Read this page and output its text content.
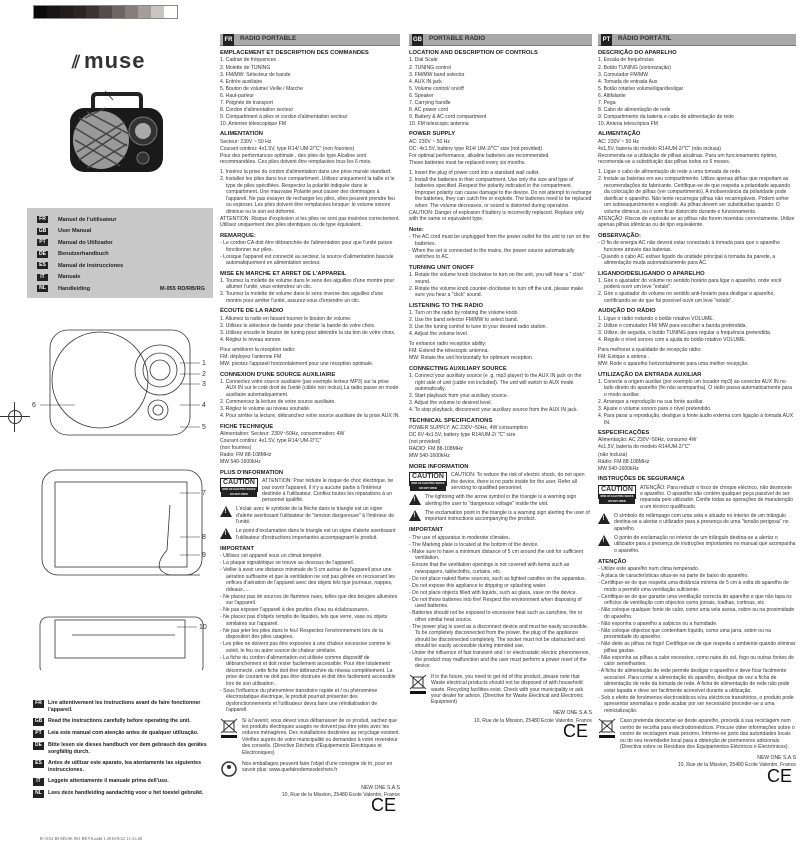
⫽ muse
FR	Manuel de l'utilisateur
GB	User Manual
PT	Manual do Utilizador
DE	Benutzerhandbuch
ES	Manual de instrucciones
IT	Manuale
NL	Handleiding	M-055 RD/RB/RG
1
2
3
4
5
6
7
8
9
10
FR	Lire attentivement les instructions avant de faire fonctionner l'appareil.
GB	Read the instructions carefully before operating the unit.
PT	Leia este manual com atenção antes de qualquer utilização.
DE	Bitte lesen sie dieses handbuch vor dem gebrauch des gerätes sorgfältig durch.
ES	Antes de utilizar este aparato, lea atentamente las siguientes instrucciones.
IT	Leggete attentamente il manuale prima dell'uso.
NL	Lees deze handleiding aandachtig voor u het toestel gebruikt.
R-3152 IB MUSE 001 REV0.indd 1 2016/9/22 11:31:48
FR RADIO PORTABLE
EMPLACEMENT ET DESCRIPTION DES COMMANDES

1. Cadran de fréquences

2. Molette de TUNING

3. FM/MW: Sélecteur de bande

4. Entrée auxiliaire

5. Bouton de volume/ Veille / Marche

6. Haut-parleur

7. Poignée de transport

8. Cordon d'alimentation secteur

9. Compartiment à piles et cordon d'alimentation secteur

10. Antenne télescopique FM

ALIMENTATION

Secteur: 230V ~ 50 Hz

Courant continu: 4x1.5V, type R14/ UM-2/"C" (non fournies)

Pour des performances optimale , des piles de type Alcaline sont recommandées. Ces piles doivent être remplacées tous les 6 mois.

1. Insérez la prise du cordon d'alimentation dans une prise murale standard.

2. Installez les piles dans leur compartiment .Utilisez uniquement la taille et le type de piles spécifiées. Respectez la polarité indiquée dans le compartiment. Une mauvaise Polarité peut causer des dommages à l'appareil. Ne pas essayer de recharger les piles, elles peuvent prendre feu ou exploser. Les piles doivent être remplacées lorsque: le volume sonore diminue ou le son est déformé.

ATTENTION: Risque d'explosion si les piles ne sont pas insérées correctement. Utilisez uniquement des piles identiques ou de type équivalent.

REMARQUE:

- Le cordon CA doit être débranchée de l'alimentation pour que l'unité puisse fonctionner sur piles.

- Lorsque l'appareil est connecté au secteur, la source d'alimentation bascule automatiquement en alimentation secteur.

MISE EN MARCHE ET ARRET DE L'APPAREIL

1. Tournez la molette de volume dans le sens des aiguilles d'une montre pour allumer l'unité, vous entendrez un clic.

2. Tournez la molette de volume dans le sens inverse des aiguilles d'une montre pour arrêter l'unité, assurez-vous d'entendre un clic.

ÉCOUTE DE LA RADIO

1. Allumez la radio en faisant tourner le bouton de volume.

2. Utilisez le sélecteur de bande pour choisir la bande de votre choix.

3. Utilisez ensuite le bouton de tuning pour atteindre la sta tion de votre choix.

4. Réglez le niveau sonore.

Pour améliorer la réception radio:

FM: déployez l'antenne FM

MW: pivotez l'appareil horizontalement pour une réception optimale.

CONNEXION D'UNE SOURCE AUXILIAIRE

1. Connectez votre source auxiliaire (par exemple lecteur MP3) sur la prise AUX IN sur le coté droit de l'unité (câble non inclus).La radio passe en mode auxiliaire automatiquement.

2. Commencez la lecture de votre source auxiliaire.

3. Réglez le volume au niveau souhaité.

4. Pour arrêter la lecture, débranchez votre source auxiliaire de la prise AUX IN.

FICHE TECHNIQUE

Alimentation: Secteur: 230V~50Hz, consommation: 4W

Courant continu: 4x1.5V, type R14/ UM-2/"C"

(non fournies)

Radio: FM 88-108MHz

MW 540-1600kHz

PLUS D'INFORMATION
CAUTION
RISK OF ELECTRIC SHOCK DO NOT OPEN

ATTENTION: Pour réduire le risque de choc électrique, ne pas ouvrir l'appareil, il n'y a aucune partie à l'intérieur destinée à l'utilisateur. Confiez toutes les réparations à un personnel qualifié.

!

L'éclair avec le symbole de la flèche dans le triangle est un signe d'alerte avertissant l'utilisateur de "tension dangereuse" à l'intérieur de l'unité.

!

Le point d'exclamation dans le triangle est un signe d'alerte avertissant l'utilisateur d'instructions importantes accompagnant le produit.

IMPORTANT

- Utilisez cet appareil sous un climat tempéré.

- La plaque signalétique se trouve au dessous de l'appareil.

- Veiller à avoir une distance minimale de 5 cm autour de l'appareil pour une aération suffisante et que la ventilation ne soit pas gênée en recouvrant les orifices d'aération de l'appareil avec des objets tels que journaux, nappes, rideaux.....

- Ne placez pas de sources de flammes nues, telles que des bougies allumées sur l'appareil.

- Ne pas exposer l'appareil à des gouttes d'eau ou éclaboussures.

- Ne placez pas d'objets remplis de liquides, tels que verre, vase ou objets similaires sur l'appareil.

- Ne pas jeter les piles dans le feu! Respectez l'environnement lors de la disposition des piles usagées.

- Les piles ne doivent pas être exposées à une chaleur excessive comme le soleil, le feu ou autre source de chaleur similaire.

- La fiche du cordon d'alimentation est utilisée comme dispositif de débranchement et doit rester facilement accessible. Pour être totalement déconnecté, cette fiche doit être débranchée du réseau complètement. La prise de courant ne doit pas être obstruée et doit être facilement accessible lors de son utilisation .

- Sous l'influence du phénomène transitoire rapide et / ou phénomène électrostatique électrique, le produit pourrait présenter des dysfonctionnements et l'utilisateur devra faire une réinitialisation de l'appareil.

Si à l'avenir, vous devez vous débarrasser de ce produit, sachez que les produits électriques usagés ne doivent pas être jetés avec les ordures ménagères. Des installations destinées au recyclage existent. Vérifiez auprès de votre municipalité ou demandez à votre revendeur des conseils. (Directive Déchets d'Equipements Electriques et Electroniques)

Nos emballages peuvent faire l'objet d'une consigne de tri, pour en savoir plus: www.quefairedemesdechets.fr

NEW ONE S.A.S

10, Rue de la Mission, 25480 Ecole Valentin, France

CE
GB PORTABLE RADIO
LOCATION AND DESCRIPTION OF CONTROLS

1. Dial Scale

2. TUNING control

3. FM/MW band selector

4. AUX IN jack

5. Volume control/ on/off

6. Speaker

7. Carrying handle

8. AC power cord

9. Battery & AC cord compartment

10. FM telescopic antenna

POWER SUPPLY

AC: 230V ~ 50 Hz

DC: 4x1.5V, battery type R14/ UM-2/"C" size (not provided)

For optimal performance, alkaline batteries are recommended.

These batteries must be replaced every six months.

1. Insert the plug of power cord into a standard wall outlet.

2. Install the batteries in their compartment. Use only the size and type of batteries specified .Respect the polarity indicated in the compartment. Improper polarity can cause damage to the device. Do not attempt to recharge the batteries, they can catch fire or explode. The batteries need to be replaced when: The volume decreases, or sound is distorted during operation.

CAUTION: Danger of explosion if battery is incorrectly replaced. Replace only with the same or equivalent type.

Note:

- The AC cord must be unplugged from the power outlet for the unit to run on the batteries.

- When the set is connected to the mains, the power source automatically switches to AC.

TURNING UNIT ON/OFF

1. Rotate the volume knob clockwise to turn on the unit, you will hear a " click" sound.

2. Rotate the volume knob counter-clockwise to turn off the unit, please make sure you hear a "click" sound.

LISTENING TO THE RADIO

1. Turn on the radio by rotating the volume knob.

2. Use the band selector FM/MW to select band.

3. Use the tuning control to tune to your desired radio station.

4. Adjust the volume level.

To enhance radio reception ability:

FM: Extend the telescopic antenna.

MW: Rotate the unit horizontally for optimum reception.

CONNECTING AUXILIARY SOURCE

1. Connect your auxiliary source (e .g. mp3 player) to the AUX IN jack on the right side of unit (cable not included). The unit will switch to AUX mode automatically.

2. Start playback from your auxiliary source.

3. Adjust the volume to desired level.

4. To stop playback, disconnect your auxiliary source from the AUX IN jack.

TECHNICAL SPECIFICATIONS

POWER SUPPLY: AC 230V~50Hz, 4W consumption

DC 6V 4x1.5V, battery type R14/UM-2/ "C" size

(not provided)

RADIO: FM 88-108MHz

MW 540-1600kHz

MORE INFORMATION
CAUTION
RISK OF ELECTRIC SHOCK DO NOT OPEN

CAUTION: To reduce the risk of electric shock, do not open the device, there is no parts inside for the user. Refer all servicing to qualified personnel.

!

The lightning with the arrow symbol in the triangle is a warning sign alerting the user to "dangerous voltage" inside the unit.

!

The exclamation point in the triangle is a warning sign alerting the user of important instructions accompanying the product.

IMPORTANT

- The use of apparatus in moderate climates.

- The Marking plate is located at the bottom of the device.

- Make sure to have a minimum distance of 5 cm around the unit for sufficient ventilation.

- Ensure that the ventilation openings is not covered with items such as newspapers, tablecloths, curtains, etc.

- Do not place naked flame sources, such as lighted candles on the apparatus.

- Do not expose this appliance to dripping or splashing water.

- Do not place objects filled with liquids, such as glass, vase on the device.

- Do not throw batteries into fire! Respect the environment when disposing of used batteries.

- Batteries should not be exposed to excessive heat such as sunshine, fire or other similar heat source.

- The power plug is used as a disconnect device and must be easily accessible. To be completely disconnected from the power, the plug of the appliance should be disconnected completely. The socket must not be obstructed and should be easily accessible during intended use.

- Under the influence of fast transient and / or electrostatic electric phenomenon, the product may malfunction and the user must perform a power reset of the device

If in the future, you need to get rid of this product, please note that Waste electrical products should not be disposed of with household waste. Recycling facilities exist. Check with your municipality or ask your dealer for advice. (Directive for Waste Electrical and Electronic Equipment)

NEW ONE S.A.S

10, Rue de la Mission, 25480 Ecole Valentin, France

CE
PT RÁDIO PORTÁTIL
DESCRIÇÃO DO APARELHO

1. Escala de frequências

2. Botão TUNING (sintonização)

3. Comutador FM/MW

4. Tomada de entrada Aux

5. Botão rotativo volume/ligar/desligar

6. Altifalante

7. Pega

8. Cabo de alimentação de rede

9. Compartimento da bateria e cabo de alimentação de rede

10. Antena telescópica FM

ALIMENTAÇÃO

AC: 230V ~ 50 Hz

4x1,5V, bateria do modelo R14/UM-2/"C" (não inclusa)

Recomenda-se a utilização de pilhas alcalinas. Para um funcionamento óptimo, recomenda-se a substituição das pilhas todos os 6 meses.

1. Ligue o cabo de alimentação de rede a uma tomada de rede.

2. Instale as baterias em seu compartimento. Utilize apenas pilhas que respeitam as recomendações do fabricante. Certifique-se de que respeita a polaridade aquando da colocação de pilhas (ver compartimento). A inobservância da polaridade pode danificar o aparelho. Não tente recarregar pilhas não recarregáveis. Podem sofrer um sobreaquecimento e explodir. As pilhas devem ser substituídas quando: O volume diminuir, ou o som ficar distorcido durante o funcionamento.

ATENÇÃO: Riscos de explosão se as pilhas não forem inseridas correctamente. Utilize apenas pilhas idênticas ou de tipo equivalente.

OBSERVAÇÃO:

- O fio de energia AC não deverá estar conectado à tomada para que o aparelho funcione através das baterias.

- Quando o cabo AC estiver ligado da unidade principal à tomada da parede, a alimentação muda automaticamente para AC.

LIGANDO/DESLIGANDO O APARELHO

1. Gire o ajustador do volume no sentido horário para ligar o aparelho, onde você poderá ouvir um leve "estalo".

2. Gire o ajustador do volume no sentido anti-horário para desligar o aparelho, certificando-se de que foi possível ouvir um leve "estalo".

AUDIÇÃO DO RÁDIO

1. Ligue o rádio rodando o botão rotativo VOLUME.

2. Utilize o comutador FM/ MW para escolher a banda pretendida.

3. Utilize, de seguida, o botão TUNING para regular a frequência pretendida.

4. Regule o nível sonoro com a ajuda do botão rotativo VOLUME.

Para melhorar a qualidade de recepção rádio:

FM: Estique a antena .

MW: Rode o aparelho horizontalmente para uma melhor recepção.

UTILIZAÇÃO DA ENTRADA AUXILIAR

1. Conecte a origem auxiliar (por exemplo um tocador mp3) ao conector AUX IN no lado direito do aparelho (fio não acompanha). O rádio passa automaticamente para o modo auxiliar.

2. Arranque a reprodução na sua fonte auxiliar.

3. Ajuste o volume sonoro para o nível pretendido.

4. Para parar a reprodução, desligue a fonte áudio externa com ligação à tomada AUX IN.

ESPECIFICAÇÕES

Alimentação: AC 230V~50Hz, consumo 4W

4x1,5V, bateria do modelo R14/UM-2/"C"

(não inclusa)

Rádio: FM 88-108MHz

MW 540-1600kHz

INSTRUÇÕES DE SEGURANÇA
CAUTION
RISK OF ELECTRIC SHOCK DO NOT OPEN

ATENÇÃO: Para reduzir o risco de choque eléctrico, não desmonte o aparelho. O aparelho não contém qualquer peça passível de ser reparada pelo utilizador. Confie todas as operações de manutenção a um técnico qualificado.

!

O símbolo do relâmpago com uma seta e situado no interior de um triângulo destina-se a alertar o utilizador para a presença de uma "tensão perigosa" no aparelho.

!

O ponto de exclamação no interior de um triângulo destina-se a alertar o utilizador para a presença de instruções importantes no manual que acompanha o aparelho.

ATENÇÃO

- Utilize este aparelho num clima temperado.

- A placa de características situa-se na parte de baixo do aparelho.

- Certifique-se de que respeita uma distância mínima de 5 cm à volta do aparelho de modo a permitir uma ventilação suficiente.

- Certifique-se de que garante uma ventilação correcta do aparelho e que não tapa os orifícios de ventilação com objectos como jornais, toalhas, cortinas, etc.

- Não coloque qualquer fonte de calor, como uma vela acesa, sobre ou na proximidade do aparelho.

- Não exponha o aparelho a salpicos ou a humidade.

- Não coloque objectos que contenham líquido, como uma jarra, sobre ou na proximidade do aparelho.

- Não deite as pilhas no fogo! Certifique-se de que respeita o ambiente quando eliminar pilhas gastas.

- Não exponha as pilhas a calor excessivo, como raios do sol, fogo ou outras fontes de calor semelhantes.

- A ficha de alimentação de rede permite desligar o aparelho e deve ficar facilmente acessível. Para cortar a alimentação do aparelho, desligue de vez a ficha de alimentação de rede da tomada de rede. A ficha de alimentação de rede não pode estar tapada e deve ser facilmente acessível durante a utilização.

- Sob o efeito de fenómenos electrostáticos e/ou eléctricos transitórios, o produto pode apresentar anomalias e pode acabar por ser necessário proceder-se a uma reinicialização.

Caso pretenda descartar-se deste aparelho, proceda à sua reciclagem num centro de recolha para electrodomésticos. Procure obter informações sobre o centro de reciclagem mais próximo. Informe-se junto das autoridades locais ou do seu revendedor local para a obtenção de pormenores adicionais (Directiva sobre os Resíduos dos Equipamentos Eléctricos e Electrónicos).

NEW ONE S.A.S

10, Rue de la Mission, 25480 Ecole Valentin, France

CE
